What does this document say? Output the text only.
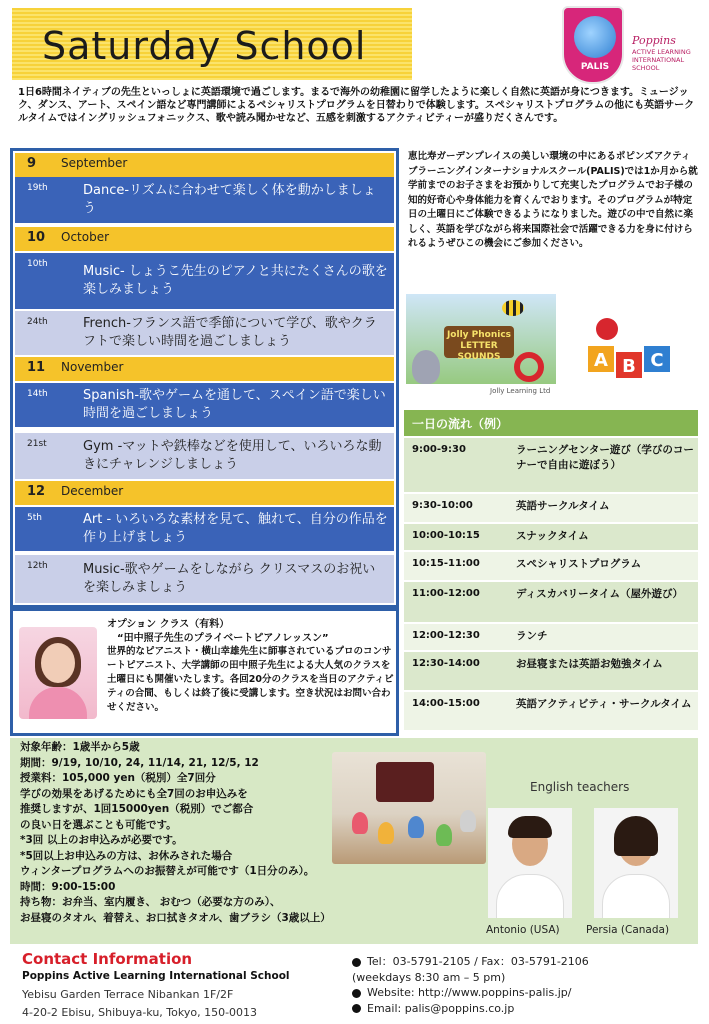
Saturday School	PALIS
Poppins
ACTIVE LEARNING INTERNATIONAL SCHOOL
1日6時間ネイティブの先生といっしょに英語環境で過ごします。まるで海外の幼稚園に留学したように楽しく自然に英語が身につきます。ミュージック、ダンス、アート、スペイン語など専門講師によるペシャリストプログラムを日替わりで体験します。スペシャリストプログラムの他にも英語サークルタイムではイングリッシュフォニックス、歌や読み聞かせなど、五感を刺激するアクティビティーが盛りだくさんです。
9 September
19th	Dance-リズムに合わせて楽しく体を動かしましょう
10 October
10th	Music- しょうこ先生のピアノと共にたくさんの歌を楽しみましょう
24th	French-フランス語で季節について学び、歌やクラフトで楽しい時間を過ごしましょう
11 November
14th	Spanish-歌やゲームを通して、スペイン語で楽しい時間を過ごしましょう
21st	Gym -マットや鉄棒などを使用して、いろいろな動きにチャレンジしましょう
12 December
5th	Art - いろいろな素材を見て、触れて、自分の作品を作り上げましょう
12th	Music-歌やゲームをしながら クリスマスのお祝いを楽しみましょう
オプション クラス（有料）
“田中照子先生のプライベートピアノレッスン”
世界的なピアニスト・横山幸雄先生に師事されているプロのコンサートピアニスト、大学講師の田中照子先生による大人気のクラスを土曜日にも開催いたします。各回20分のクラスを当日のアクティビティの合間、もしくは終了後に受講します。空き状況はお問い合わせください。
恵比寿ガーデンプレイスの美しい環境の中にあるポピンズアクティブラーニングインターナショナルスクール(PALIS)では1か月から就学前までのお子さまをお預かりして充実したプログラムでお子様の知的好奇心や身体能力を育くんでおります。そのプログラムが特定日の土曜日にご体験できるようになりました。遊びの中で自然に楽しく、英語を学びながら将来国際社会で活躍できる力を身に付けられるようぜひこの機会にご参加ください。
Jolly Phonics LETTER SOUNDS
Jolly Learning Ltd
A B C
一日の流れ（例）
9:00-9:30	ラーニングセンター遊び（学びのコーナーで自由に遊ぼう）
9:30-10:00	英語サークルタイム
10:00-10:15	スナックタイム
10:15-11:00	スペシャリストプログラム
11:00-12:00	ディスカバリータイム（屋外遊び）
12:00-12:30	ランチ
12:30-14:00	お昼寝または英語お勉強タイム
14:00-15:00	英語アクティビティ・サークルタイム
対象年齢：1歳半から5歳
期間：9/19, 10/10, 24, 11/14, 21, 12/5, 12
授業料：105,000 yen（税別）全7回分
学びの効果をあげるためにも全7回のお申込みを
推奨しますが、1回15000yen（税別）でご都合
の良い日を選ぶことも可能です。
*3回 以上のお申込みが必要です。
*5回以上お申込みの方は、お休みされた場合
ウィンタープログラムへのお振替えが可能です（1日分のみ）。
時間：9:00-15:00
持ち物：お弁当、室内履き、 おむつ（必要な方のみ）、
お昼寝のタオル、着替え、お口拭きタオル、歯ブラシ（3歳以上）
English teachers
Antonio (USA)	Persia (Canada)
Contact Information
Poppins Active Learning International School
Yebisu Garden Terrace Nibankan 1F/2F
4-20-2 Ebisu, Shibuya-ku, Tokyo, 150-0013
Tel：03-5791-2105 / Fax：03-5791-2106
(weekdays 8:30 am – 5 pm)
Website: http://www.poppins-palis.jp/
Email: palis@poppins.co.jp
